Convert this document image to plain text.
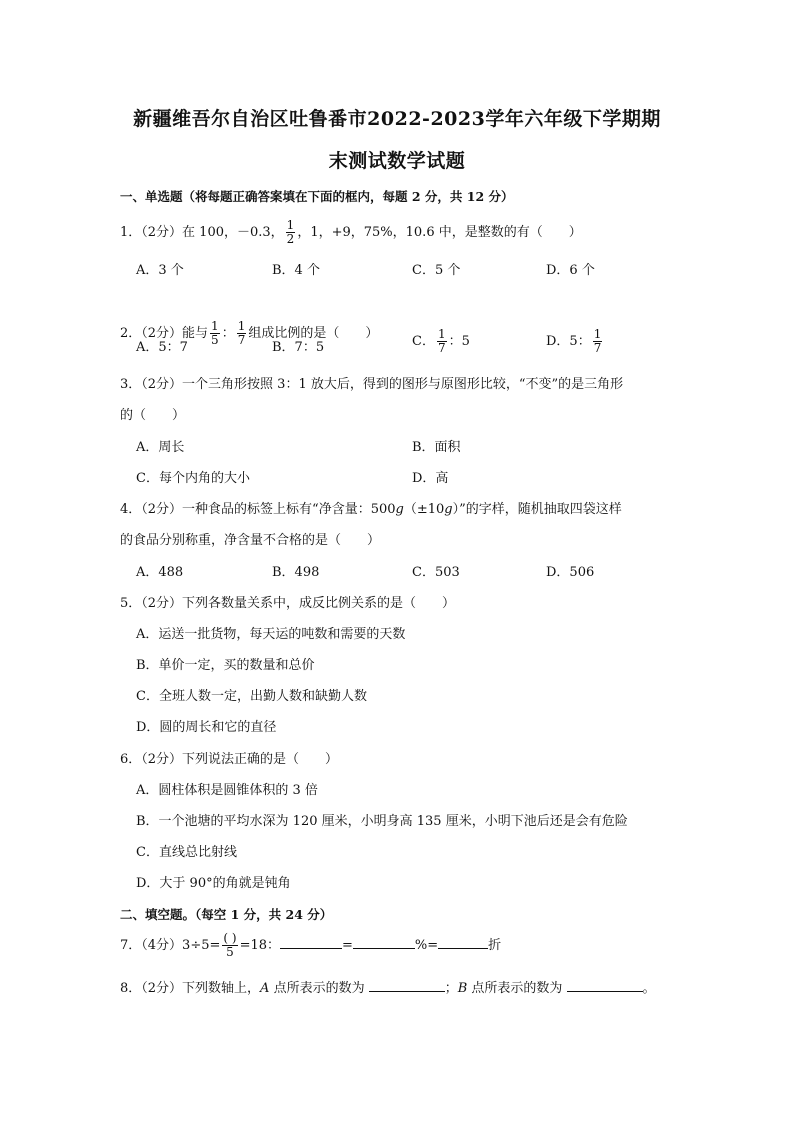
新疆维吾尔自治区吐鲁番市2022-2023学年六年级下学期期
末测试数学试题
一、单选题（将每题正确答案填在下面的框内，每题 2 分，共 12 分）
1．（2分）在 100，－0.3， $\frac{1}{2}$ ，1，+9，75%，10.6 中，是整数的有（　　）
A．3 个	B．4 个	C．5 个	D．6 个
2．（2分）能与 $\frac{1}{5}$ ： $\frac{1}{7}$ 组成比例的是（　　）
A．5：7	B．7：5	C． $\frac{1}{7}$ ：5	D．5： $\frac{1}{7}$
3．（2分）一个三角形按照 3：1 放大后，得到的图形与原图形比较，“不变”的是三角形
的（　　）
A．周长	B．面积
C．每个内角的大小	D．高
4．（2分）一种食品的标签上标有“净含量：500g（±10g）”的字样，随机抽取四袋这样
的食品分别称重，净含量不合格的是（　　）
A．488	B．498	C．503	D．506
5．（2分）下列各数量关系中，成反比例关系的是（　　）
A．运送一批货物，每天运的吨数和需要的天数
B．单价一定，买的数量和总价
C．全班人数一定，出勤人数和缺勤人数
D．圆的周长和它的直径
6．（2分）下列说法正确的是（　　）
A．圆柱体积是圆锥体积的 3 倍
B．一个池塘的平均水深为 120 厘米，小明身高 135 厘米，小明下池后还是会有危险
C．直线总比射线
D．大于 90°的角就是钝角
二、填空题。（每空 1 分，共 24 分）
7．（4分）$3\div 5= \frac{( )}{5} =18$：	=	%=	折
8．（2分）下列数轴上，A 点所表示的数为	；B 点所表示的数为	。
